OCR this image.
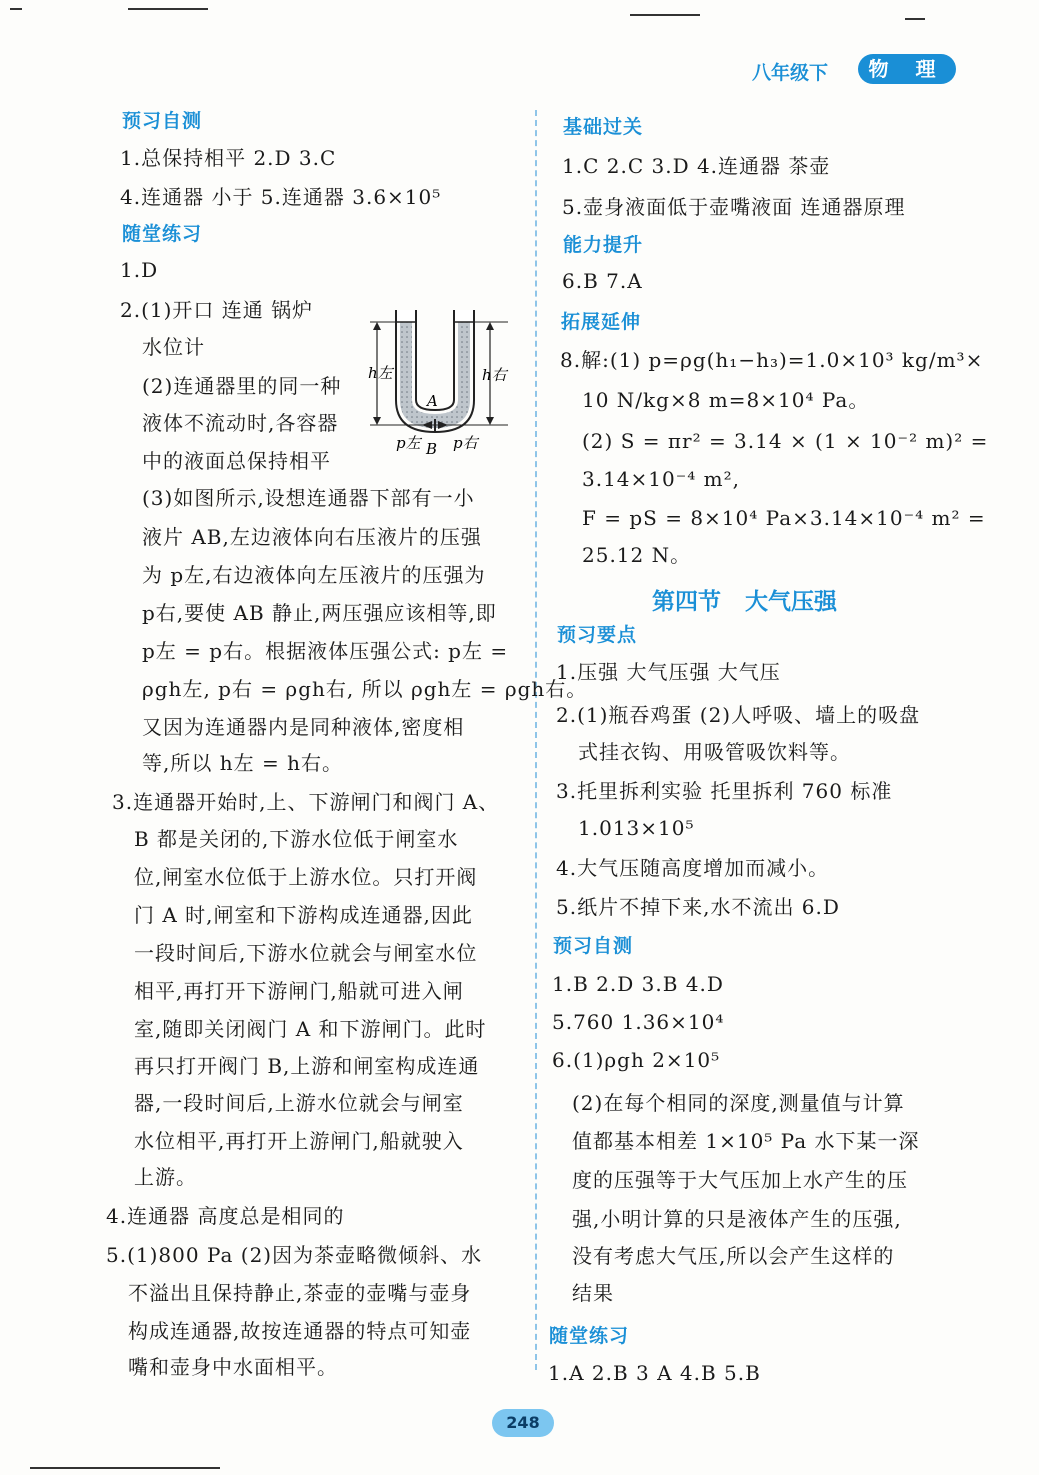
八年级下	物 理
预习自测
1.总保持相平 2.D 3.C
4.连通器 小于 5.连通器 3.6×10⁵
随堂练习
1.D
2.(1)开口 连通 锅炉
水位计
(2)连通器里的同一种
液体不流动时,各容器
中的液面总保持相平
(3)如图所示,设想连通器下部有一小
液片 AB,左边液体向右压液片的压强
为 p左,右边液体向左压液片的压强为
p右,要使 AB 静止,两压强应该相等,即
p左 = p右。根据液体压强公式: p左 =
ρgh左, p右 = ρgh右, 所以 ρgh左 = ρgh右。
又因为连通器内是同种液体,密度相
等,所以 h左 = h右。
3.连通器开始时,上、下游闸门和阀门 A、
B 都是关闭的,下游水位低于闸室水
位,闸室水位低于上游水位。只打开阀
门 A 时,闸室和下游构成连通器,因此
一段时间后,下游水位就会与闸室水位
相平,再打开下游闸门,船就可进入闸
室,随即关闭阀门 A 和下游闸门。此时
再只打开阀门 B,上游和闸室构成连通
器,一段时间后,上游水位就会与闸室
水位相平,再打开上游闸门,船就驶入
上游。
4.连通器 高度总是相同的
5.(1)800 Pa (2)因为茶壶略微倾斜、水
不溢出且保持静止,茶壶的壶嘴与壶身
构成连通器,故按连通器的特点可知壶
嘴和壶身中水面相平。
h左	h右
A
B
p左 p右
基础过关
1.C 2.C 3.D 4.连通器 茶壶
5.壶身液面低于壶嘴液面 连通器原理
能力提升
6.B 7.A
拓展延伸
8.解:(1) p=ρg(h₁−h₃)=1.0×10³ kg/m³×
10 N/kg×8 m=8×10⁴ Pa。
(2) S = πr² = 3.14 × (1 × 10⁻² m)² =
3.14×10⁻⁴ m²,
F = pS = 8×10⁴ Pa×3.14×10⁻⁴ m² =
25.12 N。
第四节   大气压强
预习要点
1.压强 大气压强 大气压
2.(1)瓶吞鸡蛋 (2)人呼吸、墙上的吸盘
式挂衣钩、用吸管吸饮料等。
3.托里拆利实验 托里拆利 760 标准
1.013×10⁵
4.大气压随高度增加而减小。
5.纸片不掉下来,水不流出 6.D
预习自测
1.B 2.D 3.B 4.D
5.760 1.36×10⁴
6.(1)ρgh 2×10⁵
(2)在每个相同的深度,测量值与计算
值都基本相差 1×10⁵ Pa 水下某一深
度的压强等于大气压加上水产生的压
强,小明计算的只是液体产生的压强,
没有考虑大气压,所以会产生这样的
结果
随堂练习
1.A 2.B 3 A 4.B 5.B
248
